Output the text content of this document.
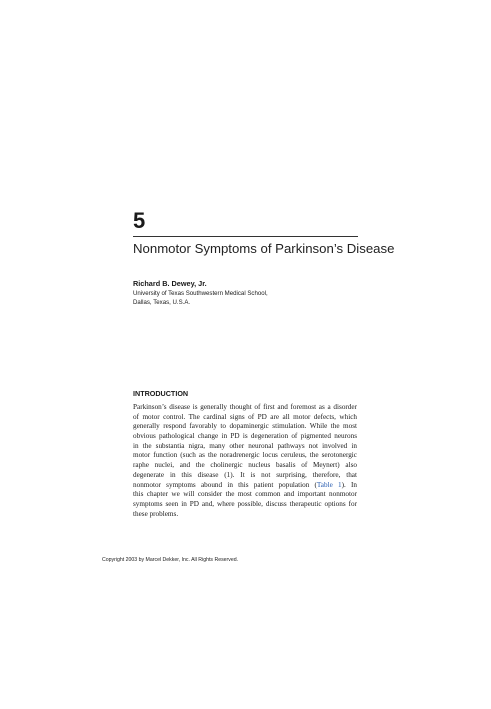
5
Nonmotor Symptoms of Parkinson’s Disease

Richard B. Dewey, Jr.

University of Texas Southwestern Medical School,

Dallas, Texas, U.S.A.

INTRODUCTION
Parkinson’s disease is generally thought of first and foremost as a disorder
of motor control. The cardinal signs of PD are all motor defects, which
generally respond favorably to dopaminergic stimulation. While the most
obvious pathological change in PD is degeneration of pigmented neurons
in the substantia nigra, many other neuronal pathways not involved in
motor function (such as the noradrenergic locus ceruleus, the serotonergic
raphe nuclei, and the cholinergic nucleus basalis of Meynert) also
degenerate in this disease (1). It is not surprising, therefore, that
nonmotor symptoms abound in this patient population (Table 1). In
this chapter we will consider the most common and important nonmotor
symptoms seen in PD and, where possible, discuss therapeutic options for
these problems.

Copyright 2003 by Marcel Dekker, Inc. All Rights Reserved.
